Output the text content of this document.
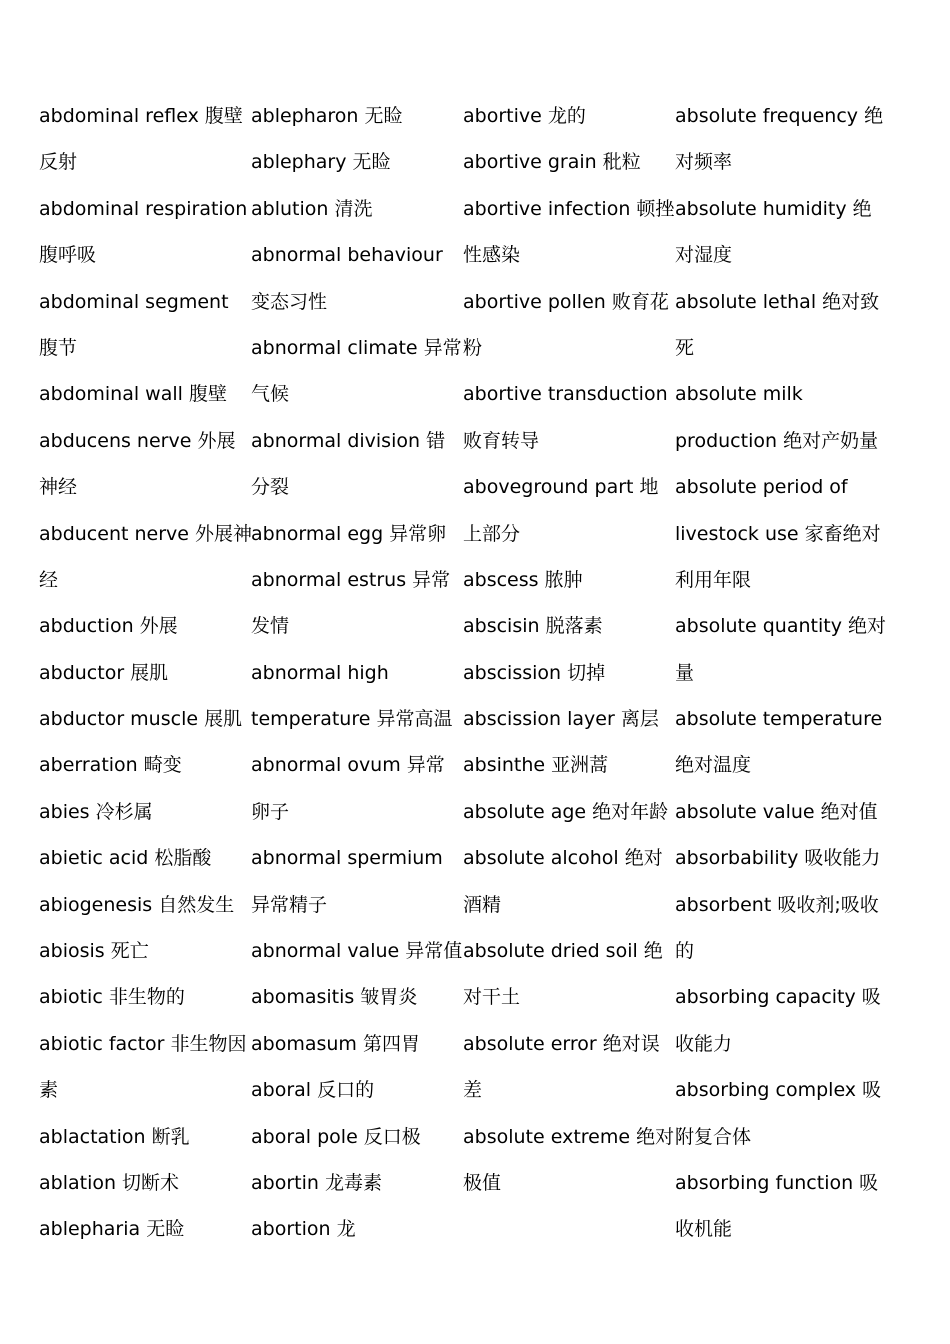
abdominal reflex 腹壁
反射
abdominal respiration
腹呼吸
abdominal segment
腹节
abdominal wall 腹壁
abducens nerve 外展
神经
abducent nerve 外展神
经
abduction 外展
abductor 展肌
abductor muscle 展肌
aberration 畸变
abies 冷杉属
abietic acid 松脂酸
abiogenesis 自然发生
abiosis 死亡
abiotic 非生物的
abiotic factor 非生物因
素
ablactation 断乳
ablation 切断术
ablepharia 无睑
ablepharon 无睑
ablephary 无睑
ablution 清洗
abnormal behaviour
变态习性
abnormal climate 异常
气候
abnormal division 错
分裂
abnormal egg 异常卵
abnormal estrus 异常
发情
abnormal high
temperature 异常高温
abnormal ovum 异常
卵子
abnormal spermium
异常精子
abnormal value 异常值
abomasitis 皱胃炎
abomasum 第四胃
aboral 反口的
aboral pole 反口极
abortin 龙毒素
abortion 龙
abortive 龙的
abortive grain 秕粒
abortive infection 顿挫
性感染
abortive pollen 败育花
粉
abortive transduction
败育转导
aboveground part 地
上部分
abscess 脓肿
abscisin 脱落素
abscission 切掉
abscission layer 离层
absinthe 亚洲蒿
absolute age 绝对年龄
absolute alcohol 绝对
酒精
absolute dried soil 绝
对干土
absolute error 绝对误
差
absolute extreme 绝对
极值
absolute frequency 绝
对频率
absolute humidity 绝
对湿度
absolute lethal 绝对致
死
absolute milk
production 绝对产奶量
absolute period of
livestock use 家畜绝对
利用年限
absolute quantity 绝对
量
absolute temperature
绝对温度
absolute value 绝对值
absorbability 吸收能力
absorbent 吸收剂;吸收
的
absorbing capacity 吸
收能力
absorbing complex 吸
附复合体
absorbing function 吸
收机能
